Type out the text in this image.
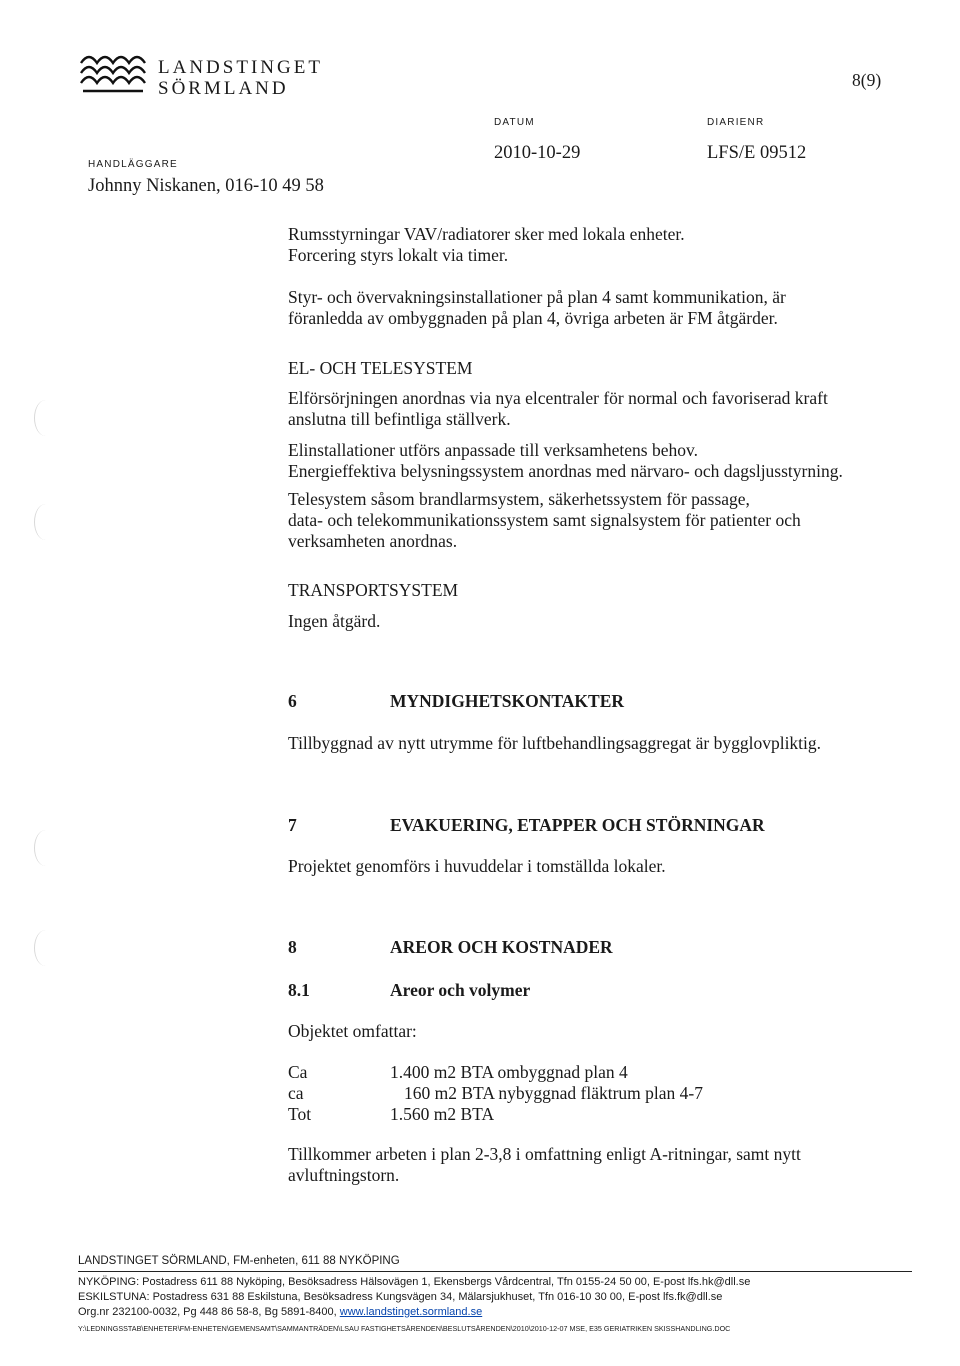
LANDSTINGET
SÖRMLAND	8(9)
DATUM
2010-10-29
DIARIENR
LFS/E 09512
HANDLÄGGARE
Johnny Niskanen, 016-10 49 58
Rumsstyrningar VAV/radiatorer sker med lokala enheter.
Forcering styrs lokalt via timer.
Styr- och övervakningsinstallationer på plan 4 samt kommunikation, är
föranledda av ombyggnaden på plan 4, övriga arbeten är FM åtgärder.
EL- OCH TELESYSTEM
Elförsörjningen anordnas via nya elcentraler för normal och favoriserad kraft
anslutna till befintliga ställverk.
Elinstallationer utförs anpassade till verksamhetens behov.
Energieffektiva belysningssystem anordnas med närvaro- och dagsljusstyrning.
Telesystem såsom brandlarmsystem, säkerhetssystem för passage,
data- och telekommunikationssystem samt signalsystem för patienter och
verksamheten anordnas.
TRANSPORTSYSTEM
Ingen åtgärd.
6	MYNDIGHETSKONTAKTER
Tillbyggnad av nytt utrymme för luftbehandlingsaggregat är bygglovpliktig.
7	EVAKUERING, ETAPPER OCH STÖRNINGAR
Projektet genomförs i huvuddelar i tomställda lokaler.
8	AREOR OCH KOSTNADER
8.1	Areor och volymer
Objektet omfattar:
Ca	1.400 m2 BTA ombyggnad plan 4
ca	160 m2 BTA nybyggnad fläktrum plan 4-7
Tot	1.560 m2 BTA
Tillkommer arbeten i plan 2-3,8 i omfattning enligt A-ritningar, samt nytt
avluftningstorn.
LANDSTINGET SÖRMLAND, FM-enheten, 611 88 NYKÖPING
NYKÖPING: Postadress 611 88 Nyköping, Besöksadress Hälsovägen 1, Ekensbergs Vårdcentral, Tfn 0155-24 50 00, E-post lfs.hk@dll.se
ESKILSTUNA: Postadress 631 88 Eskilstuna, Besöksadress Kungsvägen 34, Mälarsjukhuset, Tfn 016-10 30 00, E-post lfs.fk@dll.se
Org.nr 232100-0032, Pg 448 86 58-8, Bg 5891-8400, www.landstinget.sormland.se
Y:\LEDNINGSSTAB\ENHETER\FM-ENHETEN\GEMENSAMT\SAMMANTRÄDEN\LSAU FASTIGHETSÄRENDEN\BESLUTSÄRENDEN\2010\2010-12-07 MSE, E35 GERIATRIKEN SKISSHANDLING.DOC
